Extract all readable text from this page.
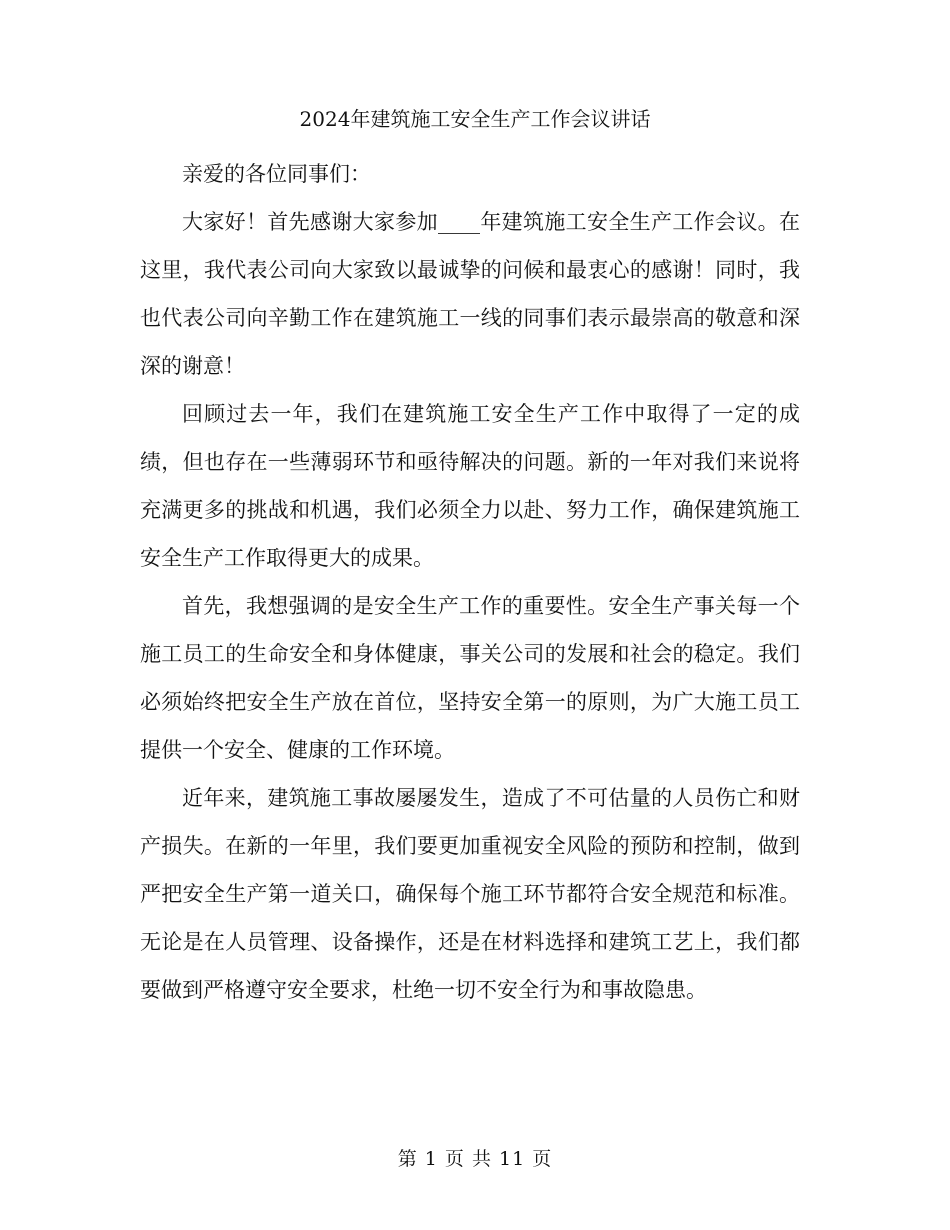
2024年建筑施工安全生产工作会议讲话

亲爱的各位同事们：

大家好！首先感谢大家参加____年建筑施工安全生产工作会议。在这里，我代表公司向大家致以最诚挚的问候和最衷心的感谢！同时，我也代表公司向辛勤工作在建筑施工一线的同事们表示最崇高的敬意和深深的谢意！

回顾过去一年，我们在建筑施工安全生产工作中取得了一定的成绩，但也存在一些薄弱环节和亟待解决的问题。新的一年对我们来说将充满更多的挑战和机遇，我们必须全力以赴、努力工作，确保建筑施工安全生产工作取得更大的成果。

首先，我想强调的是安全生产工作的重要性。安全生产事关每一个施工员工的生命安全和身体健康，事关公司的发展和社会的稳定。我们必须始终把安全生产放在首位，坚持安全第一的原则，为广大施工员工提供一个安全、健康的工作环境。

近年来，建筑施工事故屡屡发生，造成了不可估量的人员伤亡和财产损失。在新的一年里，我们要更加重视安全风险的预防和控制，做到严把安全生产第一道关口，确保每个施工环节都符合安全规范和标准。无论是在人员管理、设备操作，还是在材料选择和建筑工艺上，我们都要做到严格遵守安全要求，杜绝一切不安全行为和事故隐患。

第 1 页 共 11 页
